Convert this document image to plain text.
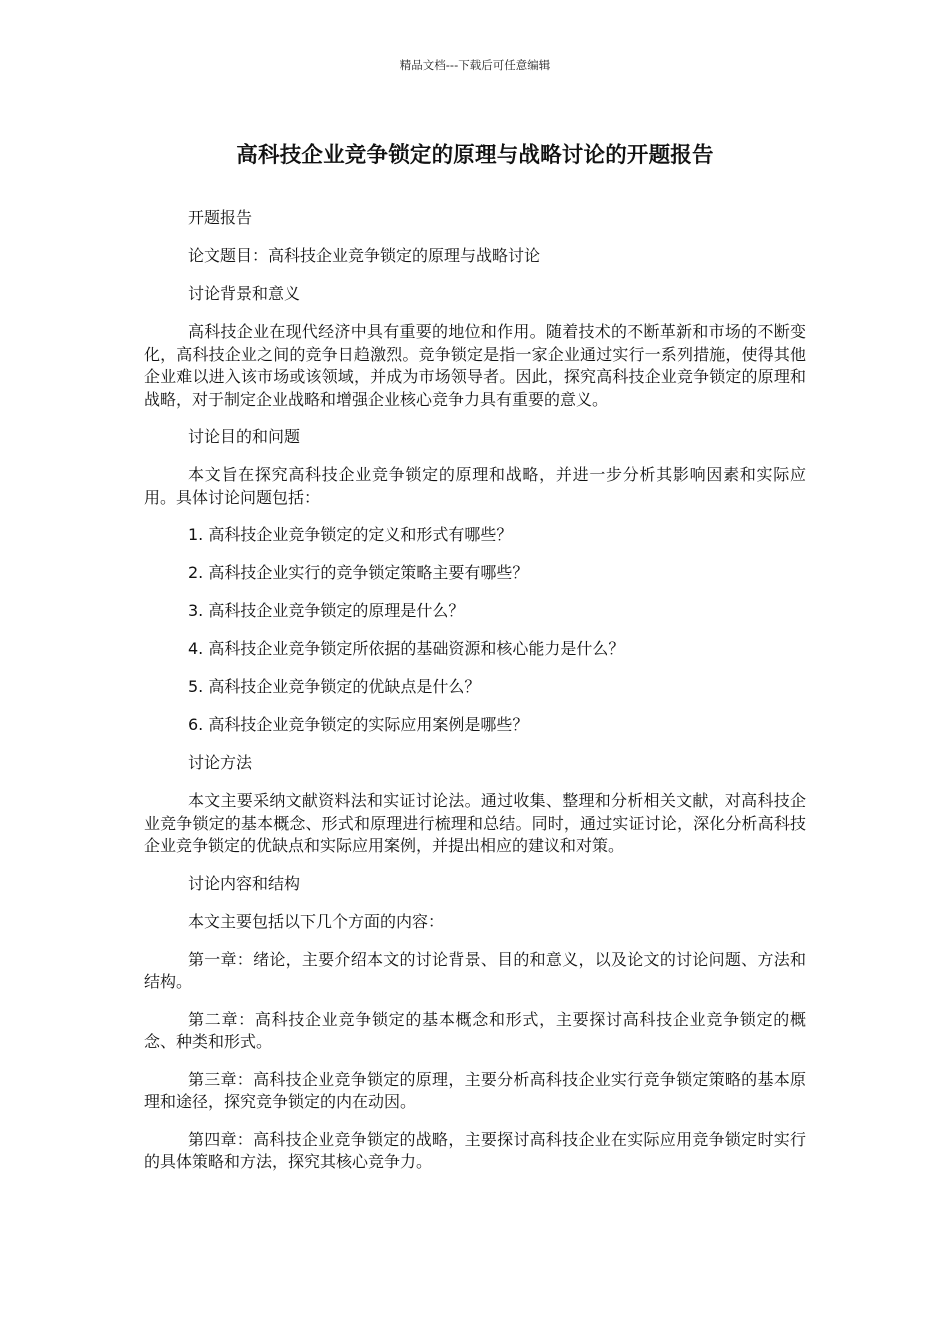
精品文档---下载后可任意编辑
高科技企业竞争锁定的原理与战略讨论的开题报告

开题报告

论文题目：高科技企业竞争锁定的原理与战略讨论

讨论背景和意义

高科技企业在现代经济中具有重要的地位和作用。随着技术的不断革新和市场的不断变化，高科技企业之间的竞争日趋激烈。竞争锁定是指一家企业通过实行一系列措施，使得其他企业难以进入该市场或该领域，并成为市场领导者。因此，探究高科技企业竞争锁定的原理和战略，对于制定企业战略和增强企业核心竞争力具有重要的意义。

讨论目的和问题

本文旨在探究高科技企业竞争锁定的原理和战略，并进一步分析其影响因素和实际应用。具体讨论问题包括：

1. 高科技企业竞争锁定的定义和形式有哪些？

2. 高科技企业实行的竞争锁定策略主要有哪些？

3. 高科技企业竞争锁定的原理是什么？

4. 高科技企业竞争锁定所依据的基础资源和核心能力是什么？

5. 高科技企业竞争锁定的优缺点是什么？

6. 高科技企业竞争锁定的实际应用案例是哪些？

讨论方法

本文主要采纳文献资料法和实证讨论法。通过收集、整理和分析相关文献，对高科技企业竞争锁定的基本概念、形式和原理进行梳理和总结。同时，通过实证讨论，深化分析高科技企业竞争锁定的优缺点和实际应用案例，并提出相应的建议和对策。

讨论内容和结构

本文主要包括以下几个方面的内容：

第一章：绪论，主要介绍本文的讨论背景、目的和意义，以及论文的讨论问题、方法和结构。

第二章：高科技企业竞争锁定的基本概念和形式，主要探讨高科技企业竞争锁定的概念、种类和形式。

第三章：高科技企业竞争锁定的原理，主要分析高科技企业实行竞争锁定策略的基本原理和途径，探究竞争锁定的内在动因。

第四章：高科技企业竞争锁定的战略，主要探讨高科技企业在实际应用竞争锁定时实行的具体策略和方法，探究其核心竞争力。
